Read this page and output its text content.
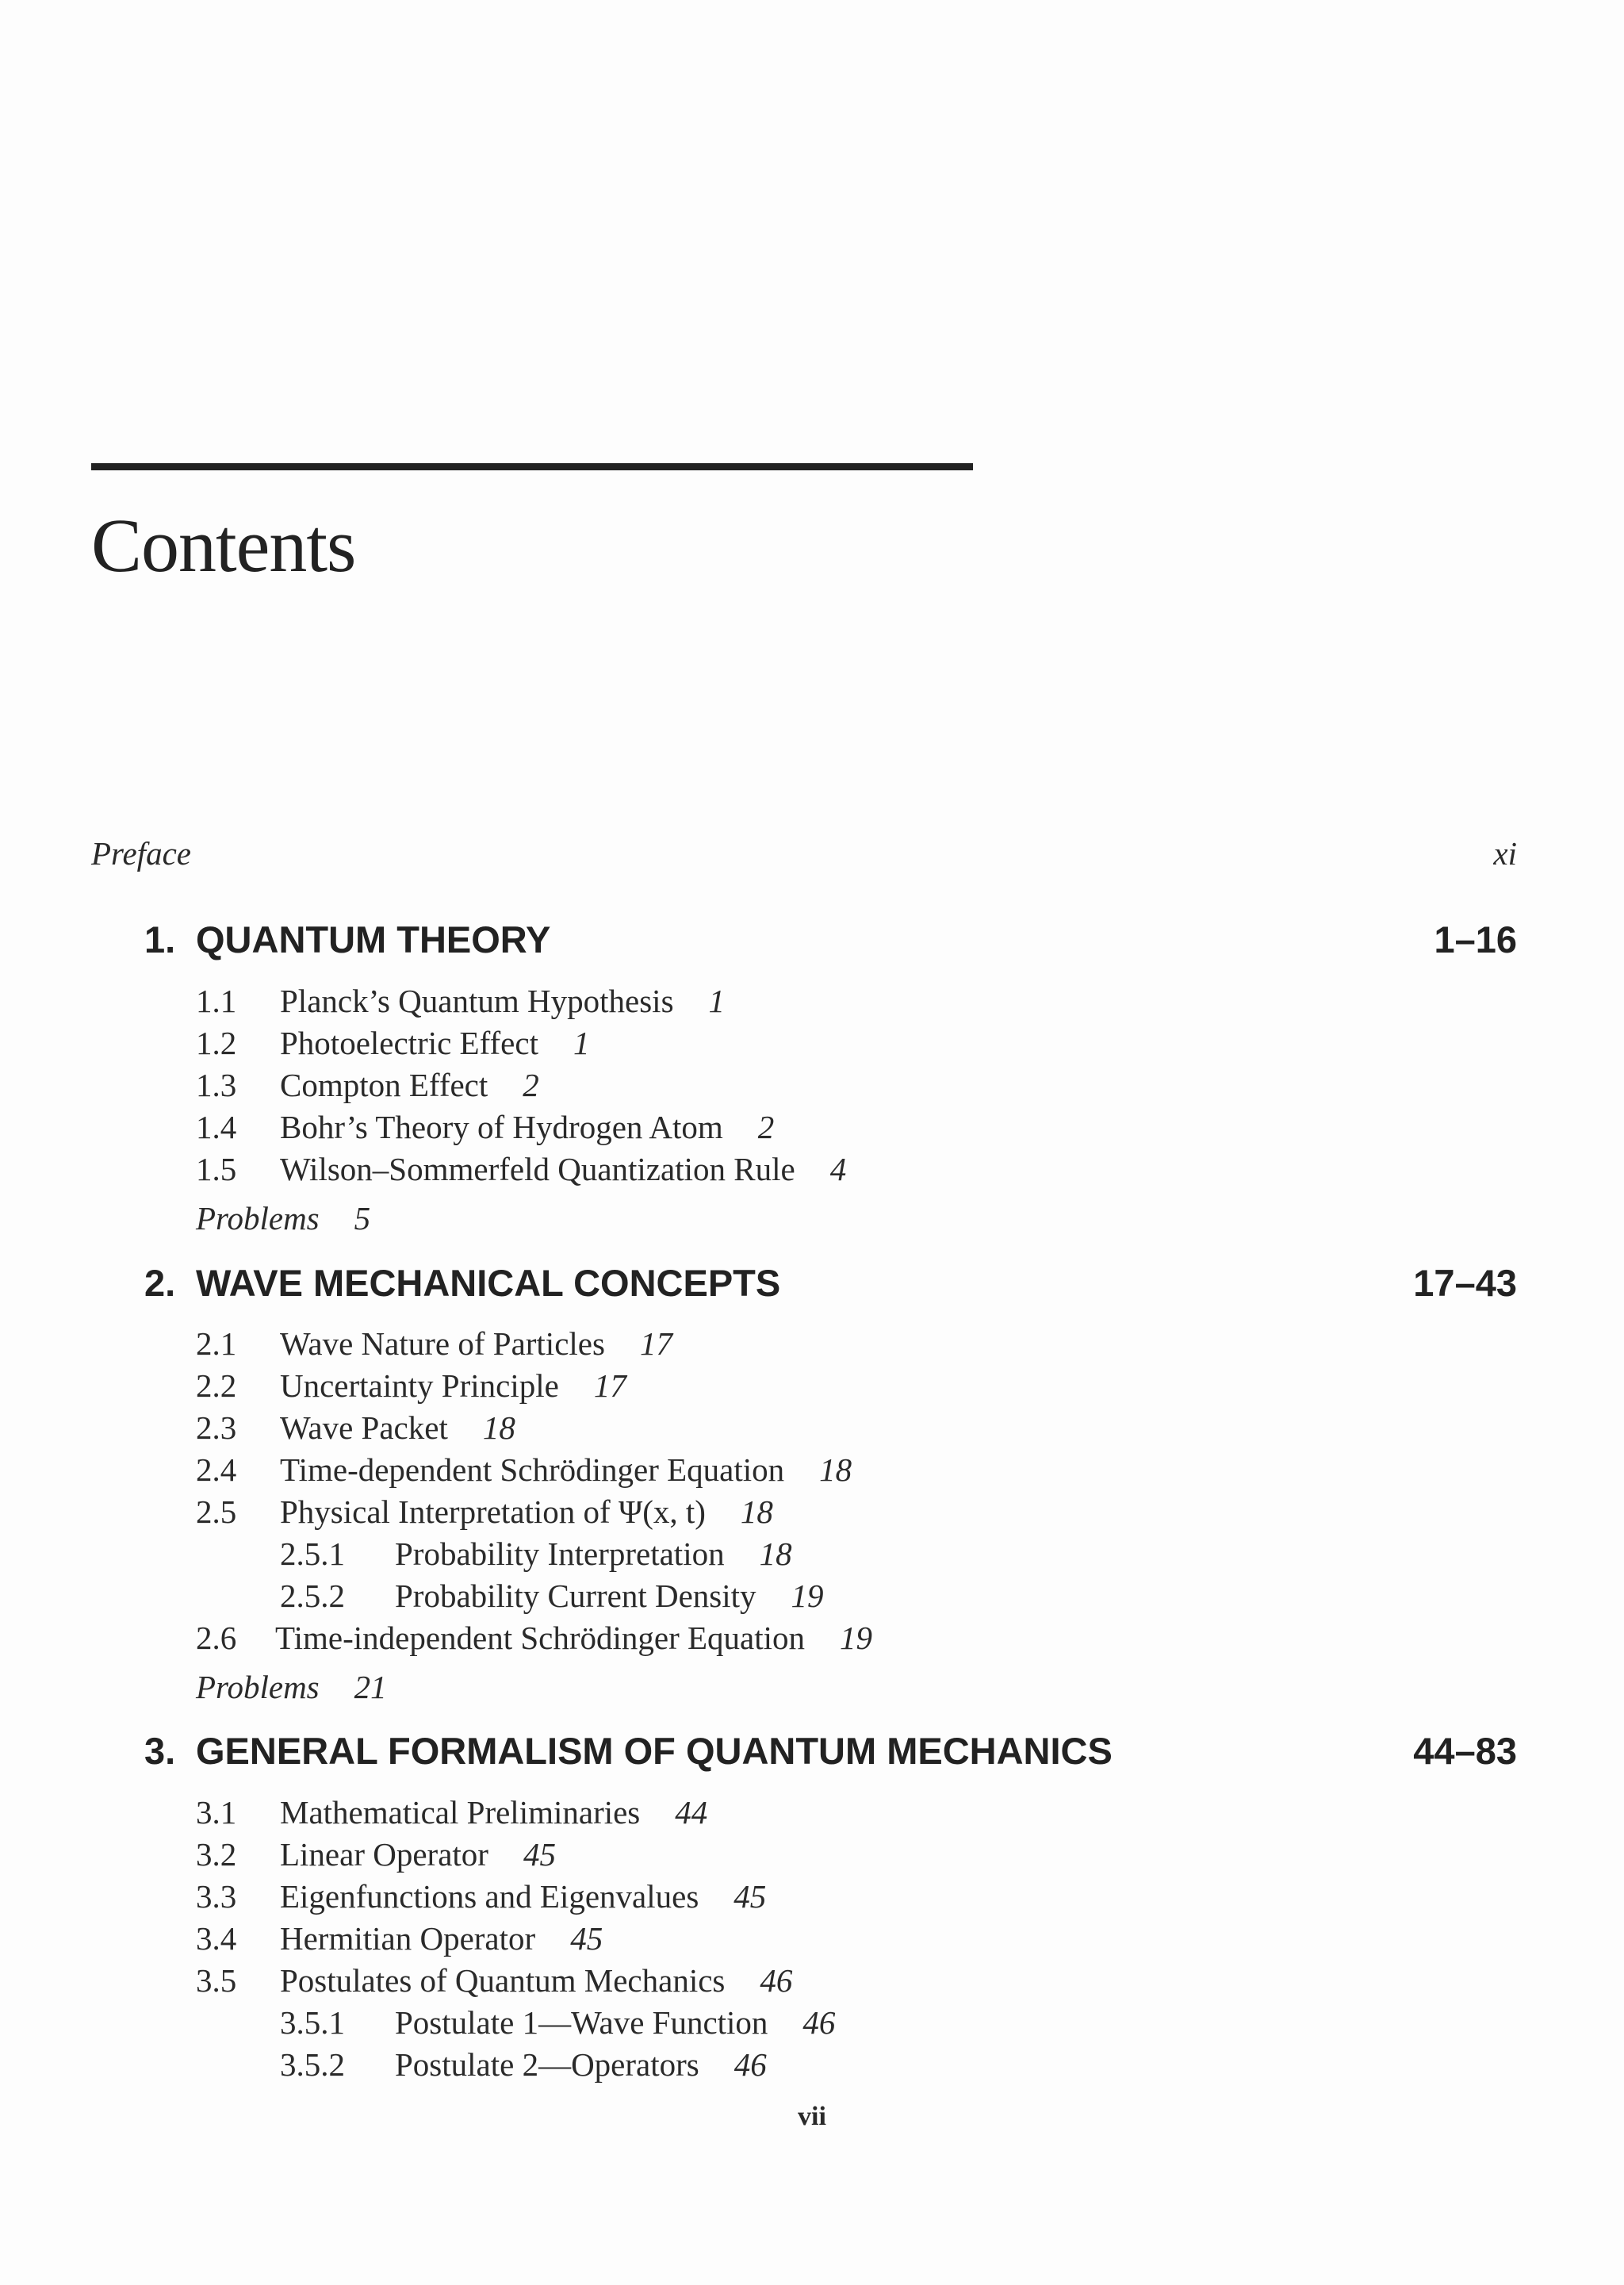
Contents
Preface	xi
1. QUANTUM THEORY	1–16
1.1 Planck’s Quantum Hypothesis 1
1.2 Photoelectric Effect 1
1.3 Compton Effect 2
1.4 Bohr’s Theory of Hydrogen Atom 2
1.5 Wilson–Sommerfeld Quantization Rule 4
Problems 5
2. WAVE MECHANICAL CONCEPTS	17–43
2.1 Wave Nature of Particles 17
2.2 Uncertainty Principle 17
2.3 Wave Packet 18
2.4 Time-dependent Schrödinger Equation 18
2.5 Physical Interpretation of Ψ(x, t) 18
2.5.1 Probability Interpretation 18
2.5.2 Probability Current Density 19
2.6 Time-independent Schrödinger Equation 19
Problems 21
3. GENERAL FORMALISM OF QUANTUM MECHANICS	44–83
3.1 Mathematical Preliminaries 44
3.2 Linear Operator 45
3.3 Eigenfunctions and Eigenvalues 45
3.4 Hermitian Operator 45
3.5 Postulates of Quantum Mechanics 46
3.5.1 Postulate 1—Wave Function 46
3.5.2 Postulate 2—Operators 46
vii
